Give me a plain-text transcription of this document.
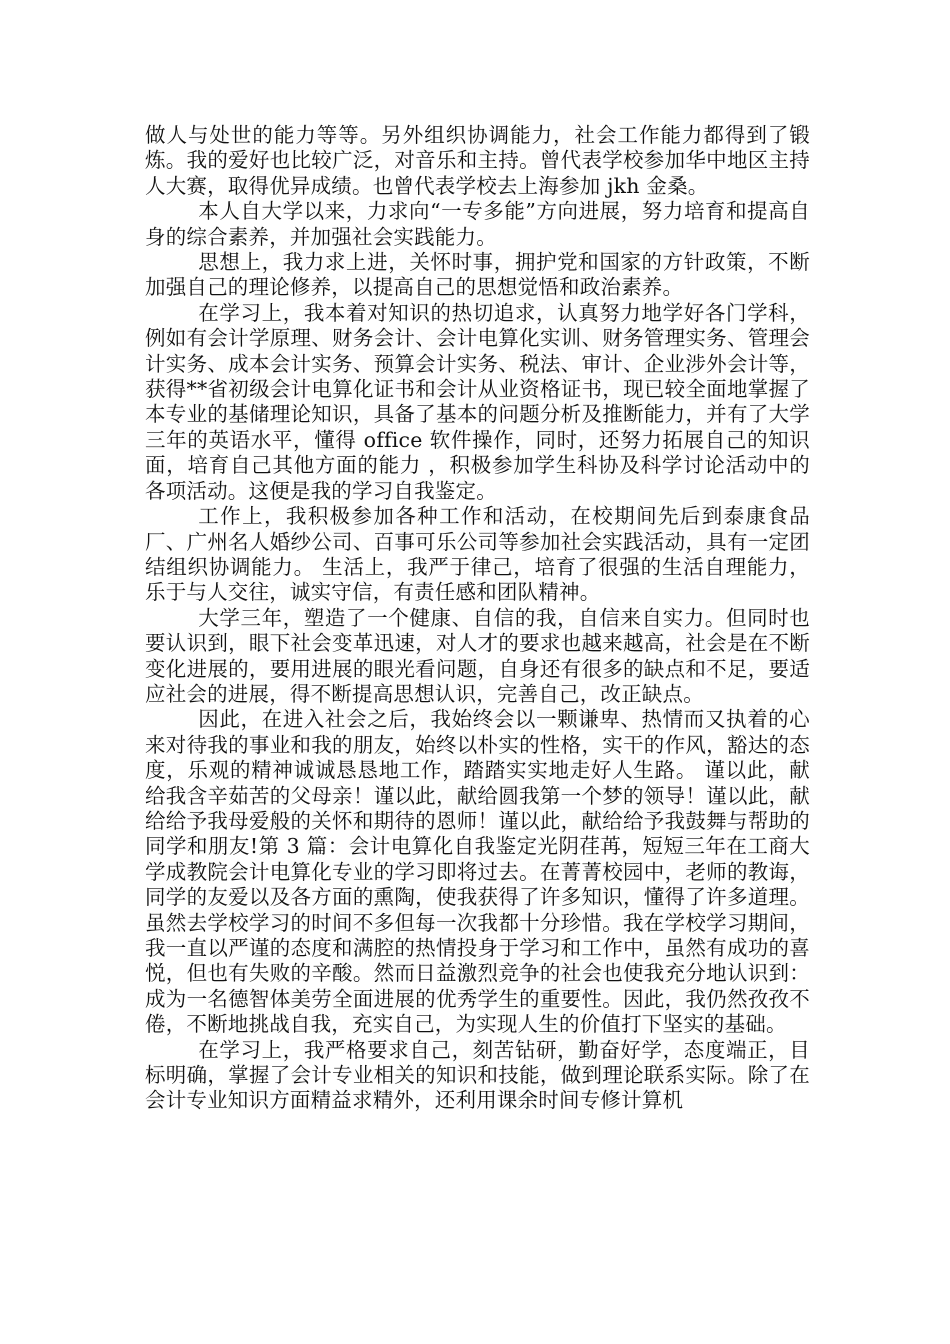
做人与处世的能力等等。另外组织协调能力，社会工作能力都得到了锻炼。我的爱好也比较广泛，对音乐和主持。曾代表学校参加华中地区主持人大赛，取得优异成绩。也曾代表学校去上海参加 jkh 金桑。

本人自大学以来，力求向“一专多能”方向进展，努力培育和提高自身的综合素养，并加强社会实践能力。

思想上，我力求上进，关怀时事，拥护党和国家的方针政策，不断加强自己的理论修养，以提高自己的思想觉悟和政治素养。

在学习上，我本着对知识的热切追求，认真努力地学好各门学科，例如有会计学原理、财务会计、会计电算化实训、财务管理实务、管理会计实务、成本会计实务、预算会计实务、税法、审计、企业涉外会计等，获得**省初级会计电算化证书和会计从业资格证书，现已较全面地掌握了本专业的基储理论知识，具备了基本的问题分析及推断能力，并有了大学三年的英语水平，懂得 office 软件操作，同时，还努力拓展自己的知识面，培育自己其他方面的能力 ，积极参加学生科协及科学讨论活动中的各项活动。这便是我的学习自我鉴定。

工作上，我积极参加各种工作和活动，在校期间先后到泰康食品厂、广州名人婚纱公司、百事可乐公司等参加社会实践活动，具有一定团结组织协调能力。 生活上，我严于律己，培育了很强的生活自理能力，乐于与人交往，诚实守信，有责任感和团队精神。

大学三年，塑造了一个健康、自信的我，自信来自实力。但同时也要认识到，眼下社会变革迅速，对人才的要求也越来越高，社会是在不断变化进展的，要用进展的眼光看问题，自身还有很多的缺点和不足，要适应社会的进展，得不断提高思想认识，完善自己，改正缺点。

因此，在进入社会之后，我始终会以一颗谦卑、热情而又执着的心来对待我的事业和我的朋友，始终以朴实的性格，实干的作风，豁达的态度，乐观的精神诚诚恳恳地工作，踏踏实实地走好人生路。 谨以此，献给我含辛茹苦的父母亲！谨以此，献给圆我第一个梦的领导！谨以此，献给给予我母爱般的关怀和期待的恩师！谨以此，献给给予我鼓舞与帮助的同学和朋友!第 3 篇：会计电算化自我鉴定光阴荏苒，短短三年在工商大学成教院会计电算化专业的学习即将过去。在菁菁校园中，老师的教诲，同学的友爱以及各方面的熏陶，使我获得了许多知识，懂得了许多道理。虽然去学校学习的时间不多但每一次我都十分珍惜。我在学校学习期间，我一直以严谨的态度和满腔的热情投身于学习和工作中，虽然有成功的喜悦，但也有失败的辛酸。然而日益激烈竞争的社会也使我充分地认识到：成为一名德智体美劳全面进展的优秀学生的重要性。因此，我仍然孜孜不倦，不断地挑战自我，充实自己，为实现人生的价值打下坚实的基础。

在学习上，我严格要求自己，刻苦钻研，勤奋好学，态度端正，目标明确，掌握了会计专业相关的知识和技能，做到理论联系实际。除了在会计专业知识方面精益求精外，还利用课余时间专修计算机
